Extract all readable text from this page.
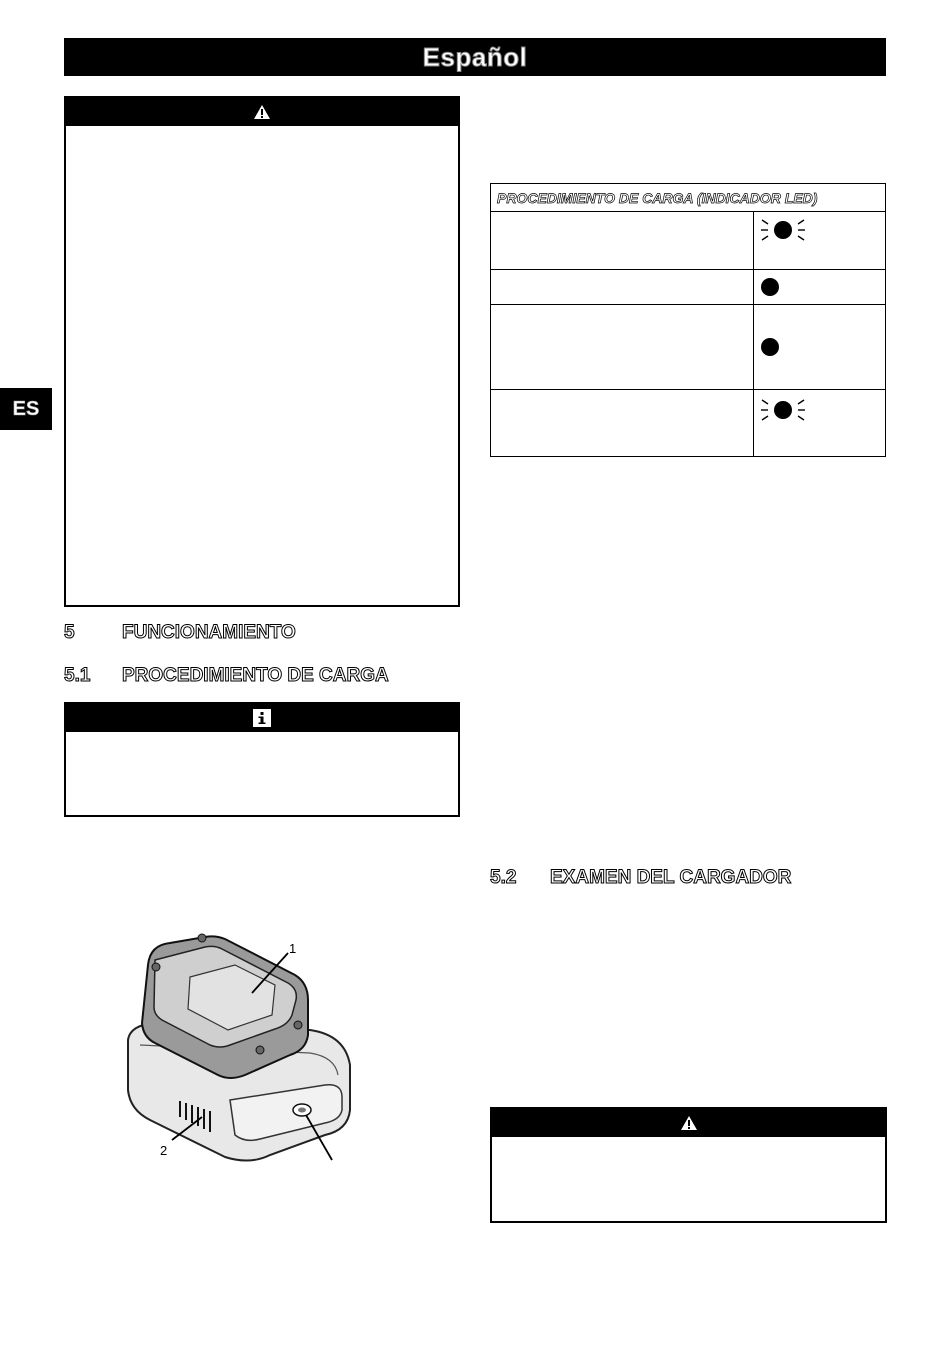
Español
ES
5	FUNCIONAMIENTO
5.1	PROCEDIMIENTO DE CARGA
1
2
PROCEDIMIENTO DE CARGA (INDICADOR LED)
5.2	EXAMEN DEL CARGADOR
